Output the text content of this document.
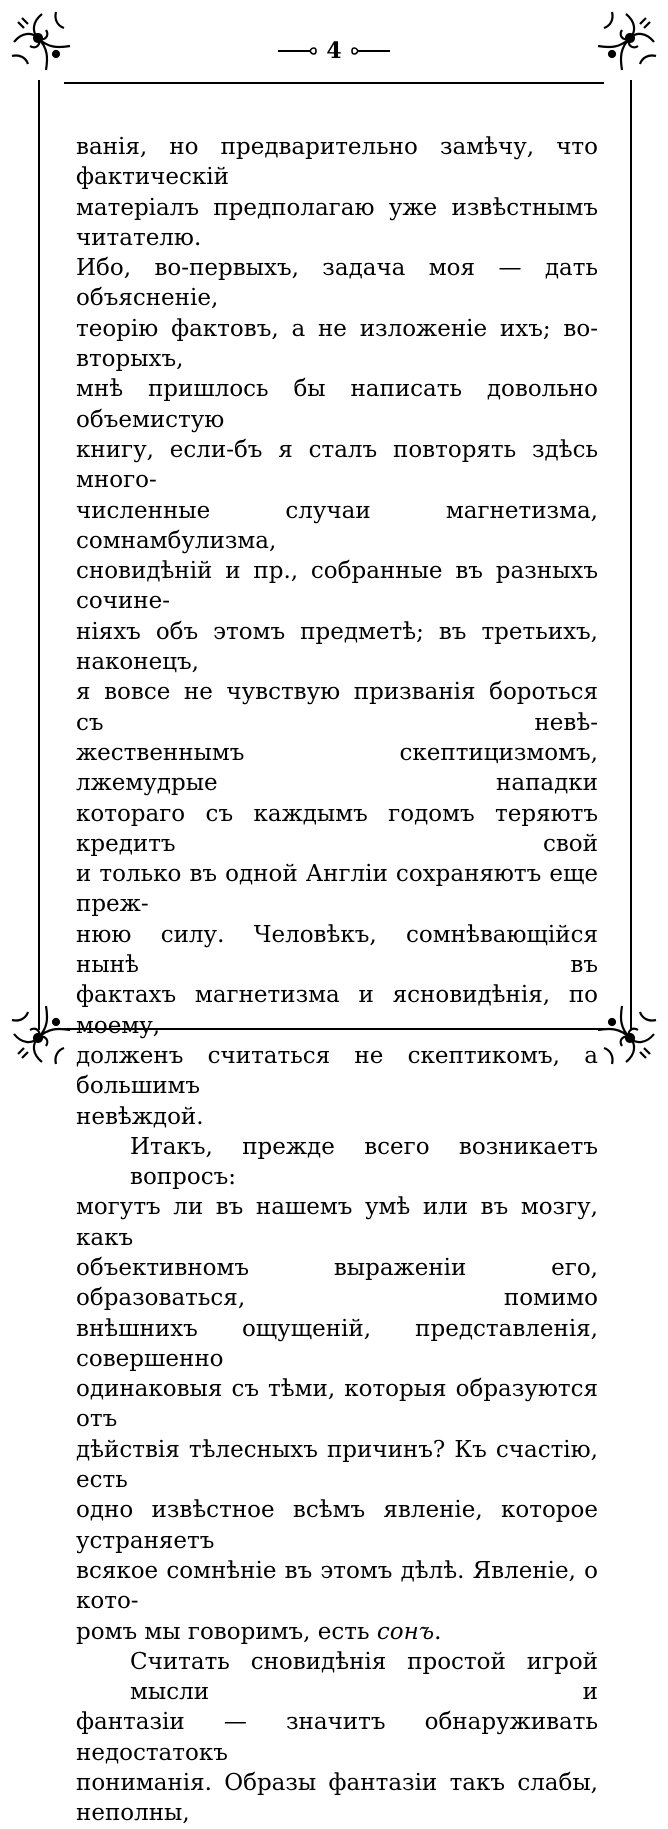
4

ванія, но предварительно замѣчу, что фактическій

матеріалъ предполагаю уже извѣстнымъ читателю.

Ибо, во-первыхъ, задача моя — дать объясненіе,

теорію фактовъ, а не изложеніе ихъ; во-вторыхъ,

мнѣ пришлось бы написать довольно объемистую

книгу, если-бъ я сталъ повторять здѣсь много-

численные случаи магнетизма, сомнамбулизма,

сновидѣній и пр., собранные въ разныхъ сочине-

ніяхъ объ этомъ предметѣ; въ третьихъ, наконецъ,

я вовсе не чувствую призванія бороться съ невѣ-

жественнымъ скептицизмомъ, лжемудрые нападки

котораго съ каждымъ годомъ теряютъ кредитъ свой

и только въ одной Англіи сохраняютъ еще преж-

нюю силу. Человѣкъ, сомнѣвающійся нынѣ въ

фактахъ магнетизма и ясновидѣнія, по моему,

долженъ считаться не скептикомъ, а большимъ

невѣждой.

Итакъ, прежде всего возникаетъ вопросъ:

могутъ ли въ нашемъ умѣ или въ мозгу, какъ

объективномъ выраженіи его, образоваться, помимо

внѣшнихъ ощущеній, представленія, совершенно

одинаковыя съ тѣми, которыя образуются отъ

дѣйствія тѣлесныхъ причинъ? Къ счастію, есть

одно извѣстное всѣмъ явленіе, которое устраняетъ

всякое сомнѣніе въ этомъ дѣлѣ. Явленіе, о кото-

ромъ мы говоримъ, есть сонъ.

Считать сновидѣнія простой игрой мысли и

фантазіи — значитъ обнаруживать недостатокъ

пониманія. Образы фантазіи такъ слабы, неполны,
